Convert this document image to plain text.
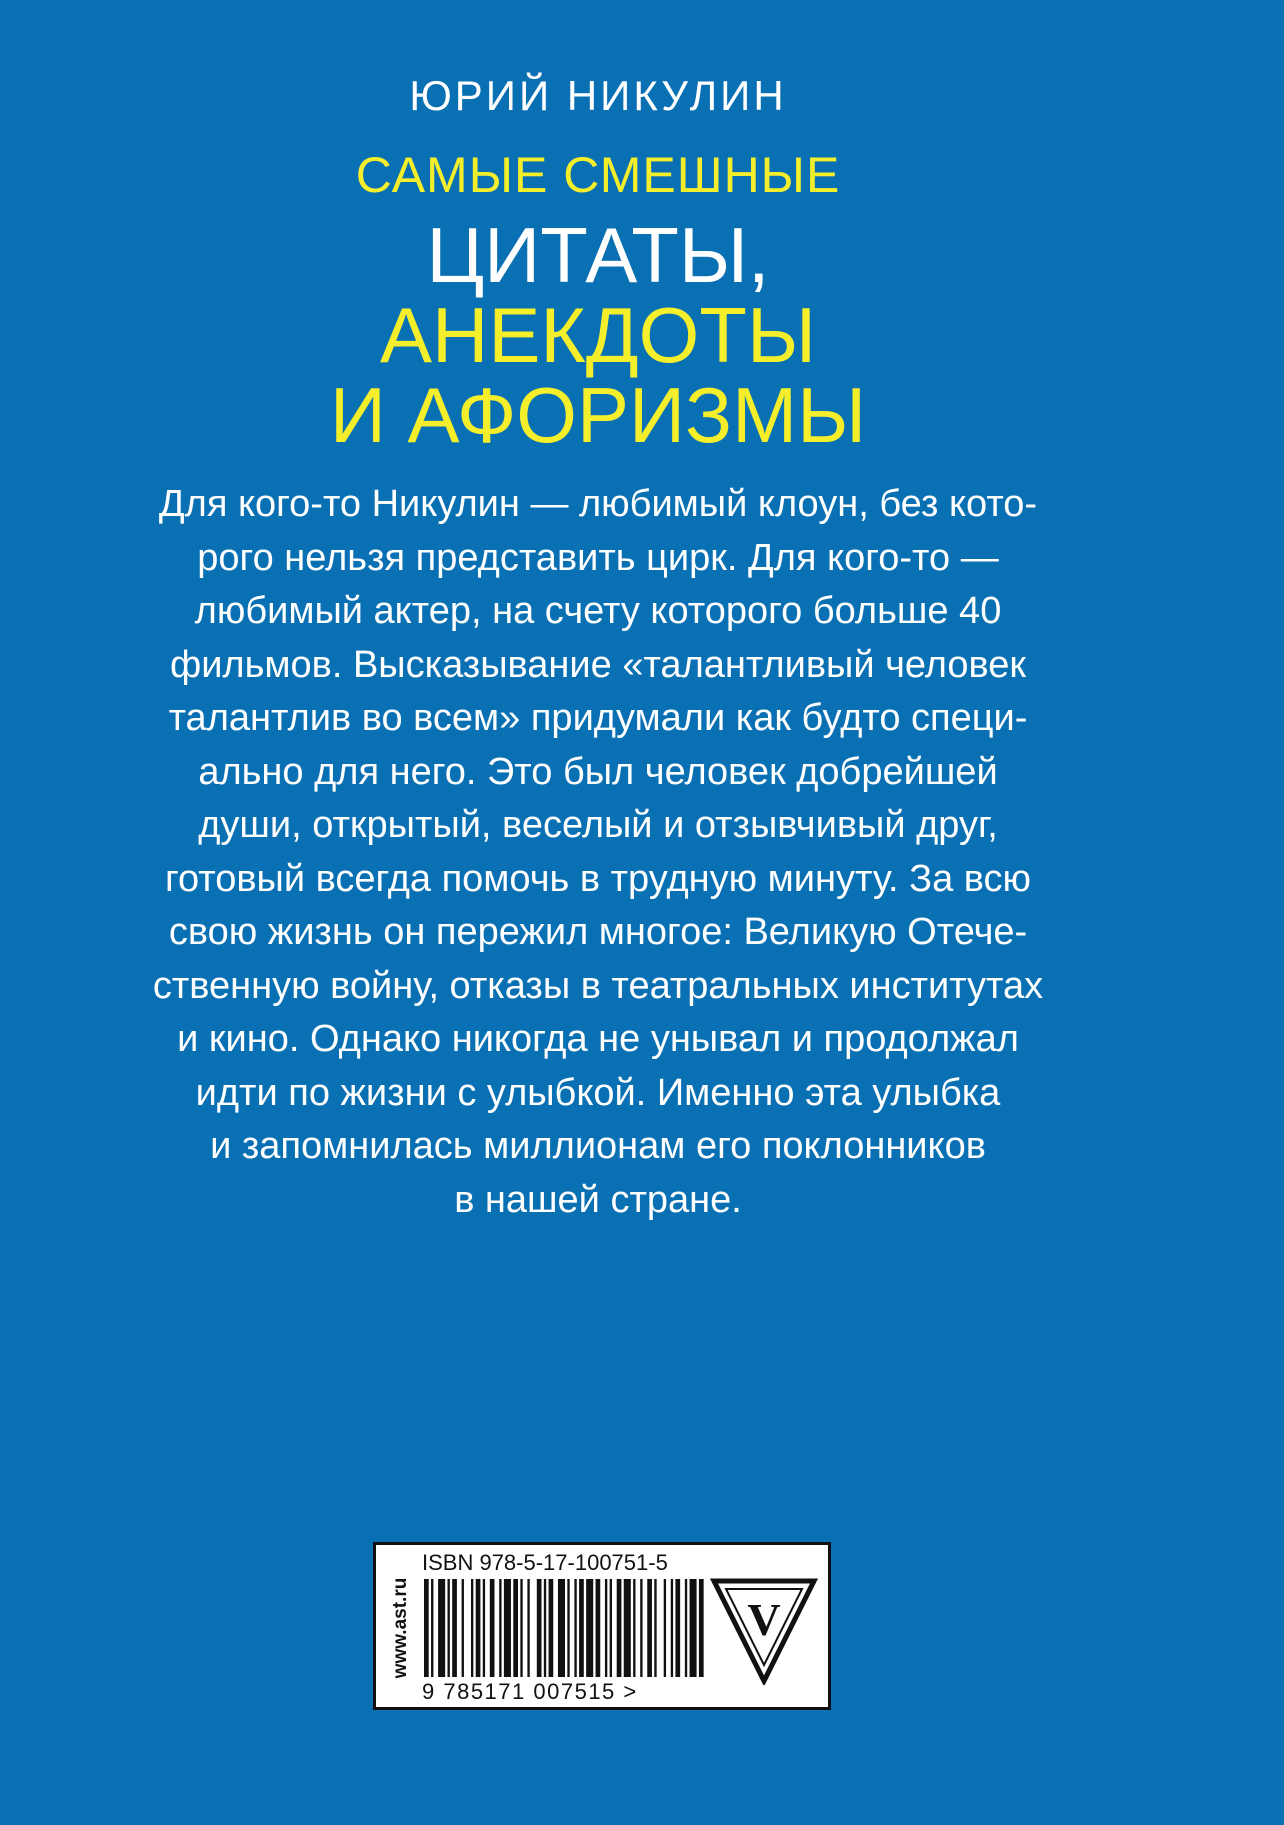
ЮРИЙ НИКУЛИН
САМЫЕ СМЕШНЫЕ
ЦИТАТЫ,
АНЕКДОТЫ
И АФОРИЗМЫ

Для кого-то Никулин — любимый клоун, без кото-
рого нельзя представить цирк. Для кого-то —
любимый актер, на счету которого больше 40
фильмов. Высказывание «талантливый человек
талантлив во всем» придумали как будто специ-
ально для него. Это был человек добрейшей
души, открытый, веселый и отзывчивый друг,
готовый всегда помочь в трудную минуту. За всю
свою жизнь он пережил многое: Великую Отече-
ственную войну, отказы в театральных институтах
и кино. Однако никогда не унывал и продолжал
идти по жизни с улыбкой. Именно эта улыбка
и запомнилась миллионам его поклонников
в нашей стране.

www.ast.ru
ISBN 978-5-17-100751-5
9 785171 007515 >
V
